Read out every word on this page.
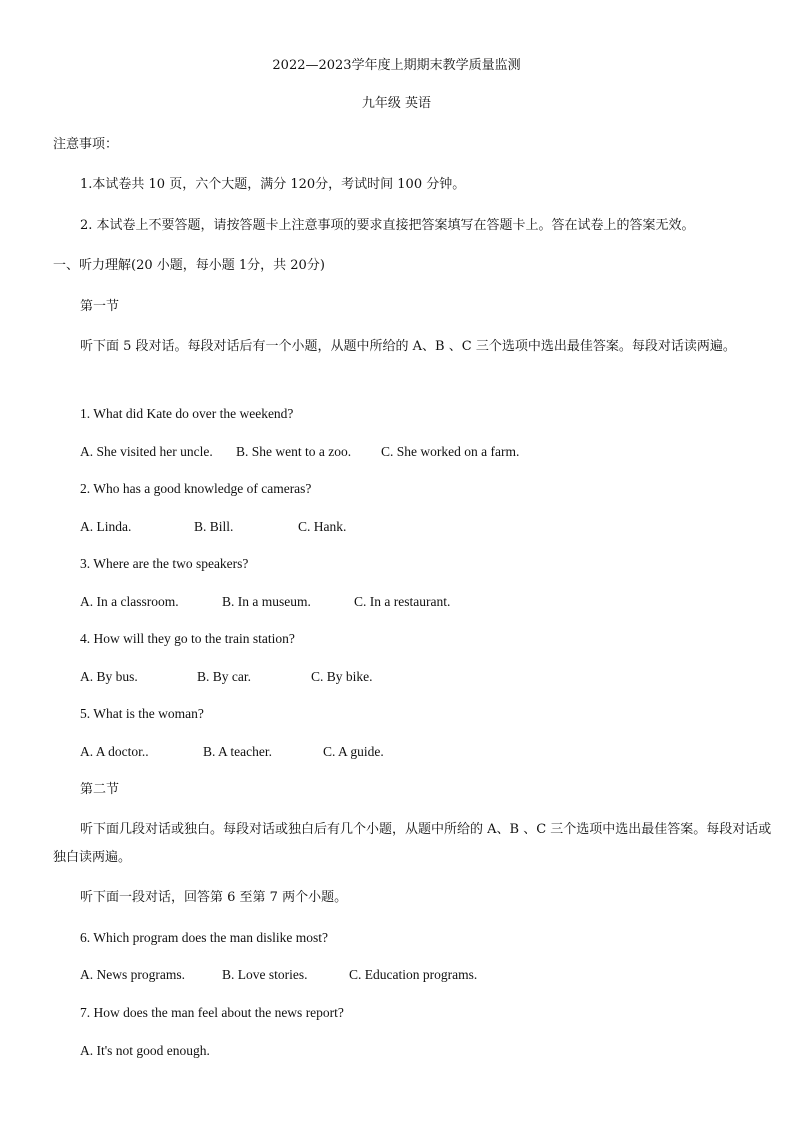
2022—2023学年度上期期末教学质量监测
九年级 英语
注意事项：
1.本试卷共 10 页，六个大题，满分 120分，考试时间 100 分钟。
2. 本试卷上不要答题，请按答题卡上注意事项的要求直接把答案填写在答题卡上。答在试卷上的答案无效。
一、听力理解(20 小题，每小题 1分，共 20分)
第一节
听下面 5 段对话。每段对话后有一个小题，从题中所给的 A、B 、C 三个选项中选出最佳答案。每段对话读两遍。
1. What did Kate do over the weekend?
A. She visited her uncle. B. She went to a zoo. C. She worked on a farm.
2. Who has a good knowledge of cameras?
A. Linda.	B. Bill.	C. Hank.
3. Where are the two speakers?
A. In a classroom.	B. In a museum.	C. In a restaurant.
4. How will they go to the train station?
A. By bus.	B. By car.	C. By bike.
5. What is the woman?
A. A doctor..	B. A teacher.	C. A guide.
第二节
听下面几段对话或独白。每段对话或独白后有几个小题，从题中所给的 A、B 、C 三个选项中选出最佳答案。每段对话或独白读两遍。
听下面一段对话，回答第 6 至第 7 两个小题。
6. Which program does the man dislike most?
A. News programs.	B. Love stories.	C. Education programs.
7. How does the man feel about the news report?
A. It's not good enough.
